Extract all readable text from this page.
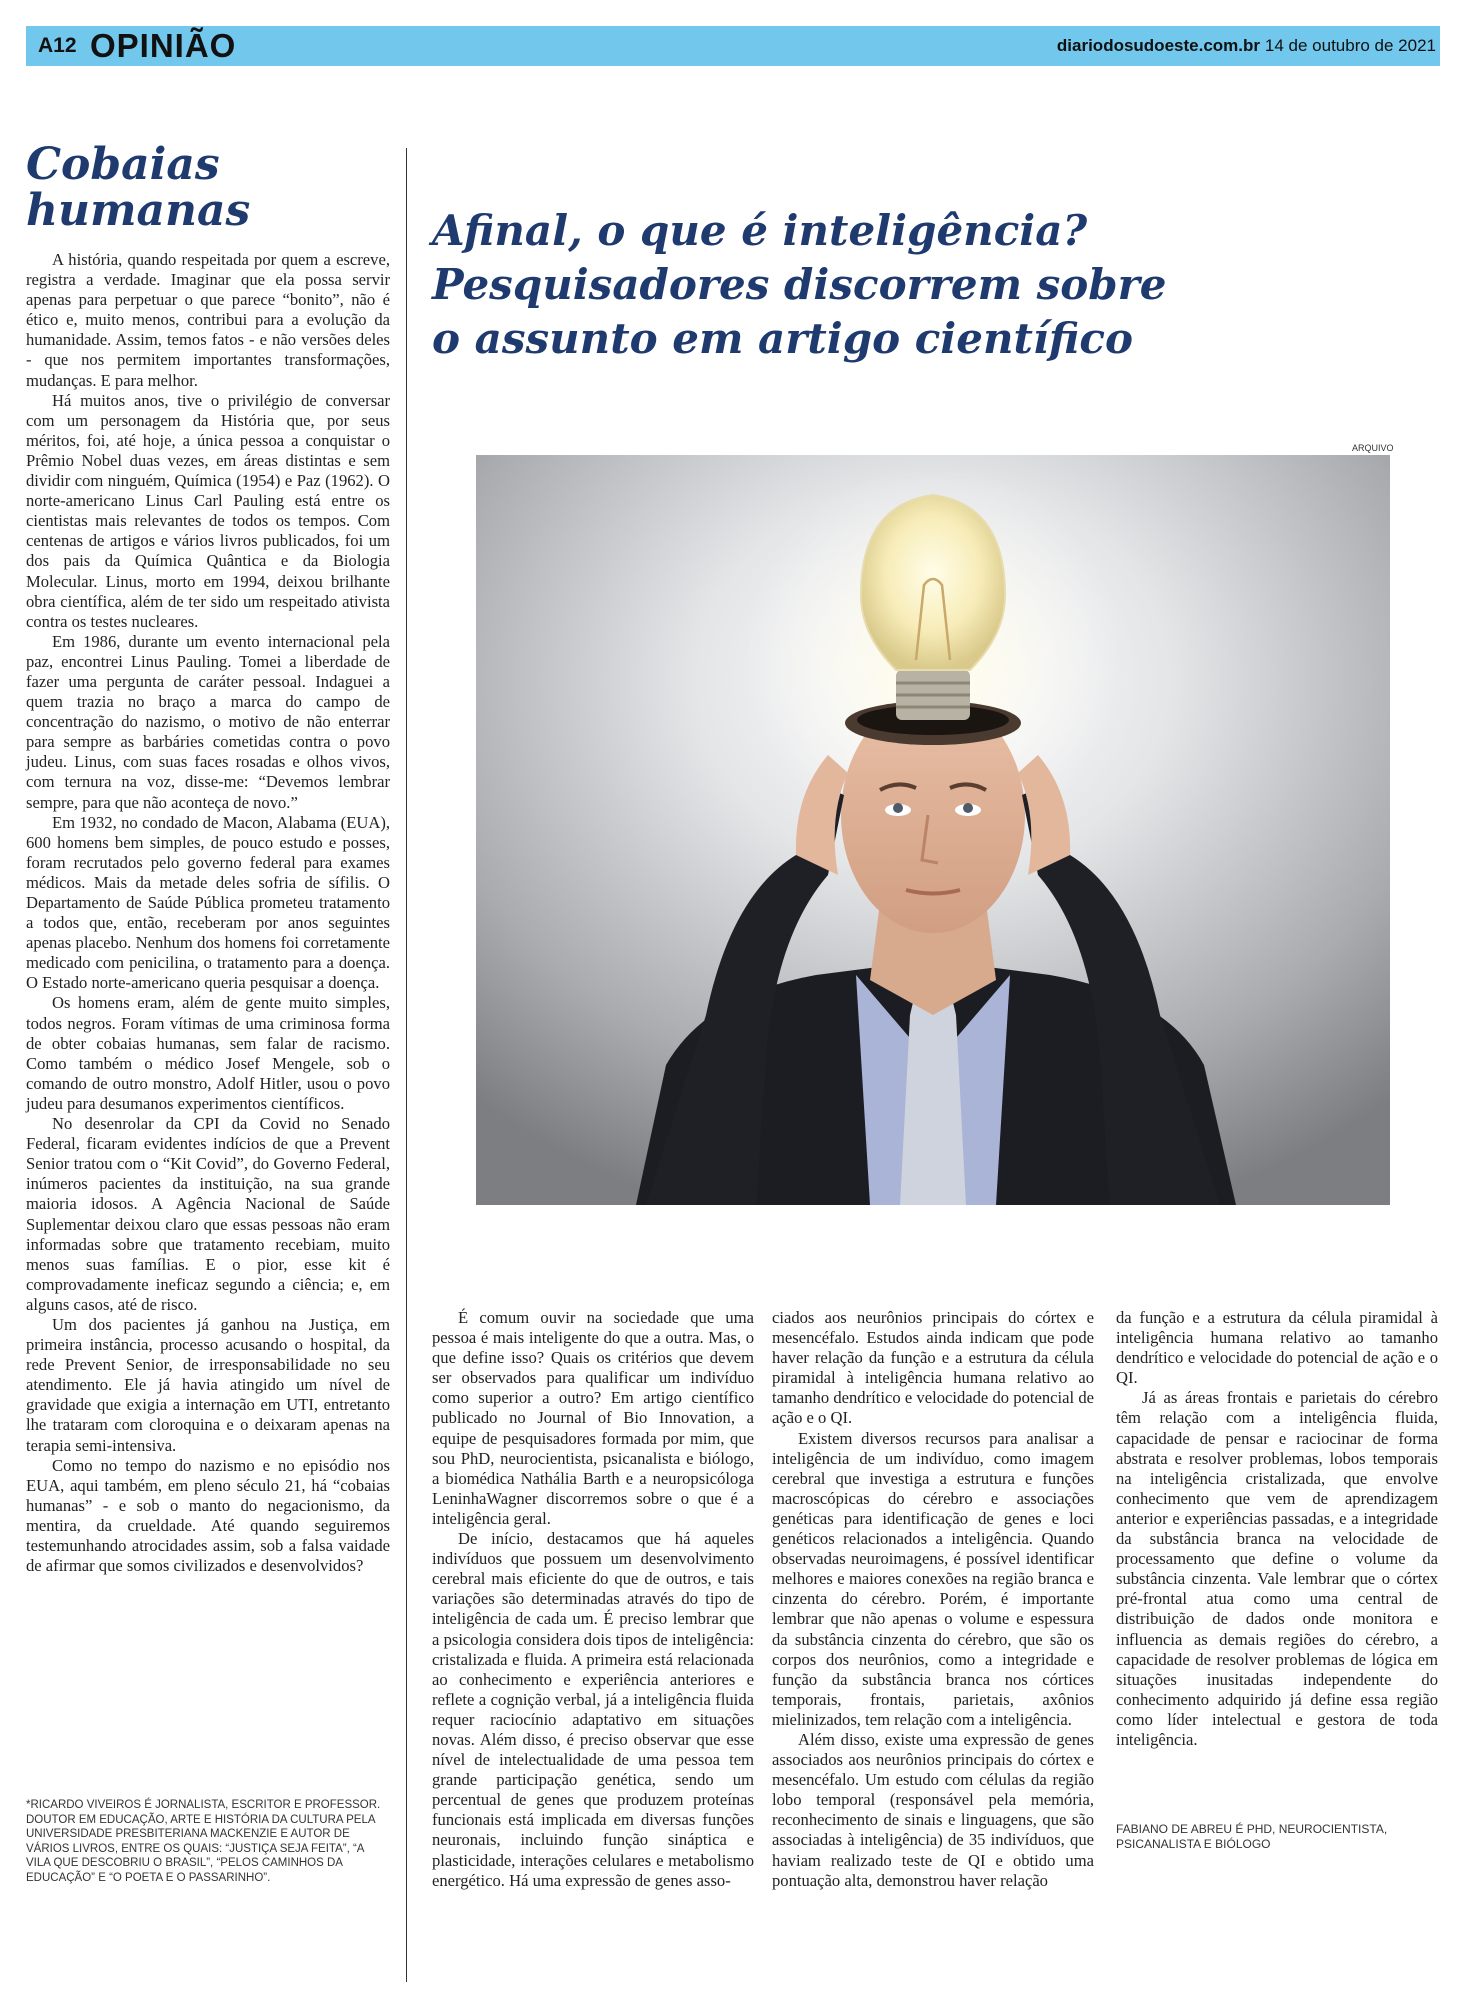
A12 OPINIÃO	diariodosudoeste.com.br 14 de outubro de 2021
Cobaias
humanas

A história, quando respeitada por quem a escreve, registra a verdade. Imaginar que ela possa servir apenas para perpetuar o que parece “bonito”, não é ético e, muito menos, contribui para a evolução da humanidade. Assim, temos fatos - e não versões deles - que nos permitem importantes transformações, mudanças. E para melhor.

Há muitos anos, tive o privilégio de conversar com um personagem da História que, por seus méritos, foi, até hoje, a única pessoa a conquistar o Prêmio Nobel duas vezes, em áreas distintas e sem dividir com ninguém, Química (1954) e Paz (1962). O norte-americano Linus Carl Pauling está entre os cientistas mais relevantes de todos os tempos. Com centenas de artigos e vários livros publicados, foi um dos pais da Química Quântica e da Biologia Molecular. Linus, morto em 1994, deixou brilhante obra científica, além de ter sido um respeitado ativista contra os testes nucleares.

Em 1986, durante um evento internacional pela paz, encontrei Linus Pauling. Tomei a liberdade de fazer uma pergunta de caráter pessoal. Indaguei a quem trazia no braço a marca do campo de concentração do nazismo, o motivo de não enterrar para sempre as barbáries cometidas contra o povo judeu. Linus, com suas faces rosadas e olhos vivos, com ternura na voz, disse-me: “Devemos lembrar sempre, para que não aconteça de novo.”

Em 1932, no condado de Macon, Alabama (EUA), 600 homens bem simples, de pouco estudo e posses, foram recrutados pelo governo federal para exames médicos. Mais da metade deles sofria de sífilis. O Departamento de Saúde Pública prometeu tratamento a todos que, então, receberam por anos seguintes apenas placebo. Nenhum dos homens foi corretamente medicado com penicilina, o tratamento para a doença. O Estado norte-americano queria pesquisar a doença.

Os homens eram, além de gente muito simples, todos negros. Foram vítimas de uma criminosa forma de obter cobaias humanas, sem falar de racismo. Como também o médico Josef Mengele, sob o comando de outro monstro, Adolf Hitler, usou o povo judeu para desumanos experimentos científicos.

No desenrolar da CPI da Covid no Senado Federal, ficaram evidentes indícios de que a Prevent Senior tratou com o “Kit Covid”, do Governo Federal, inúmeros pacientes da instituição, na sua grande maioria idosos. A Agência Nacional de Saúde Suplementar deixou claro que essas pessoas não eram informadas sobre que tratamento recebiam, muito menos suas famílias. E o pior, esse kit é comprovadamente ineficaz segundo a ciência; e, em alguns casos, até de risco.

Um dos pacientes já ganhou na Justiça, em primeira instância, processo acusando o hospital, da rede Prevent Senior, de irresponsabilidade no seu atendimento. Ele já havia atingido um nível de gravidade que exigia a internação em UTI, entretanto lhe trataram com cloroquina e o deixaram apenas na terapia semi-intensiva.

Como no tempo do nazismo e no episódio nos EUA, aqui também, em pleno século 21, há “cobaias humanas” - e sob o manto do negacionismo, da mentira, da crueldade. Até quando seguiremos testemunhando atrocidades assim, sob a falsa vaidade de afirmar que somos civilizados e desenvolvidos?

*RICARDO VIVEIROS É JORNALISTA, ESCRITOR E PROFESSOR. DOUTOR EM EDUCAÇÃO, ARTE E HISTÓRIA DA CULTURA PELA UNIVERSIDADE PRESBITERIANA MACKENZIE E AUTOR DE VÁRIOS LIVROS, ENTRE OS QUAIS: “JUSTIÇA SEJA FEITA”, “A VILA QUE DESCOBRIU O BRASIL”, “PELOS CAMINHOS DA EDUCAÇÃO” E “O POETA E O PASSARINHO”.
Afinal, o que é inteligência?
Pesquisadores discorrem sobre
o assunto em artigo científico
ARQUIVO

É comum ouvir na sociedade que uma pessoa é mais inteligente do que a outra. Mas, o que define isso? Quais os critérios que devem ser observados para qualificar um indivíduo como superior a outro? Em artigo científico publicado no Journal of Bio Innovation, a equipe de pesquisadores formada por mim, que sou PhD, neurocientista, psicanalista e biólogo, a biomédica Nathália Barth e a neuropsicóloga LeninhaWagner discorremos sobre o que é a inteligência geral.

De início, destacamos que há aqueles indivíduos que possuem um desenvolvimento cerebral mais eficiente do que de outros, e tais variações são determinadas através do tipo de inteligência de cada um. É preciso lembrar que a psicologia considera dois tipos de inteligência: cristalizada e fluida. A primeira está relacionada ao conhecimento e experiência anteriores e reflete a cognição verbal, já a inteligência fluida requer raciocínio adaptativo em situações novas. Além disso, é preciso observar que esse nível de intelectualidade de uma pessoa tem grande participação genética, sendo um percentual de genes que produzem proteínas funcionais está implicada em diversas funções neuronais, incluindo função sináptica e plasticidade, interações celulares e metabolismo energético. Há uma expressão de genes asso-

ciados aos neurônios principais do córtex e mesencéfalo. Estudos ainda indicam que pode haver relação da função e a estrutura da célula piramidal à inteligência humana relativo ao tamanho dendrítico e velocidade do potencial de ação e o QI.

Existem diversos recursos para analisar a inteligência de um indivíduo, como imagem cerebral que investiga a estrutura e funções macroscópicas do cérebro e associações genéticas para identificação de genes e loci genéticos relacionados a inteligência. Quando observadas neuroimagens, é possível identificar melhores e maiores conexões na região branca e cinzenta do cérebro. Porém, é importante lembrar que não apenas o volume e espessura da substância cinzenta do cérebro, que são os corpos dos neurônios, como a integridade e função da substância branca nos córtices temporais, frontais, parietais, axônios mielinizados, tem relação com a inteligência.

Além disso, existe uma expressão de genes associados aos neurônios principais do córtex e mesencéfalo. Um estudo com células da região lobo temporal (responsável pela memória, reconhecimento de sinais e linguagens, que são associadas à inteligência) de 35 indivíduos, que haviam realizado teste de QI e obtido uma pontuação alta, demonstrou haver relação

da função e a estrutura da célula piramidal à inteligência humana relativo ao tamanho dendrítico e velocidade do potencial de ação e o QI.

Já as áreas frontais e parietais do cérebro têm relação com a inteligência fluida, capacidade de pensar e raciocinar de forma abstrata e resolver problemas, lobos temporais na inteligência cristalizada, que envolve conhecimento que vem de aprendizagem anterior e experiências passadas, e a integridade da substância branca na velocidade de processamento que define o volume da substância cinzenta. Vale lembrar que o córtex pré-frontal atua como uma central de distribuição de dados onde monitora e influencia as demais regiões do cérebro, a capacidade de resolver problemas de lógica em situações inusitadas independente do conhecimento adquirido já define essa região como líder intelectual e gestora de toda inteligência.

FABIANO DE ABREU É PHD, NEUROCIENTISTA, PSICANALISTA E BIÓLOGO
